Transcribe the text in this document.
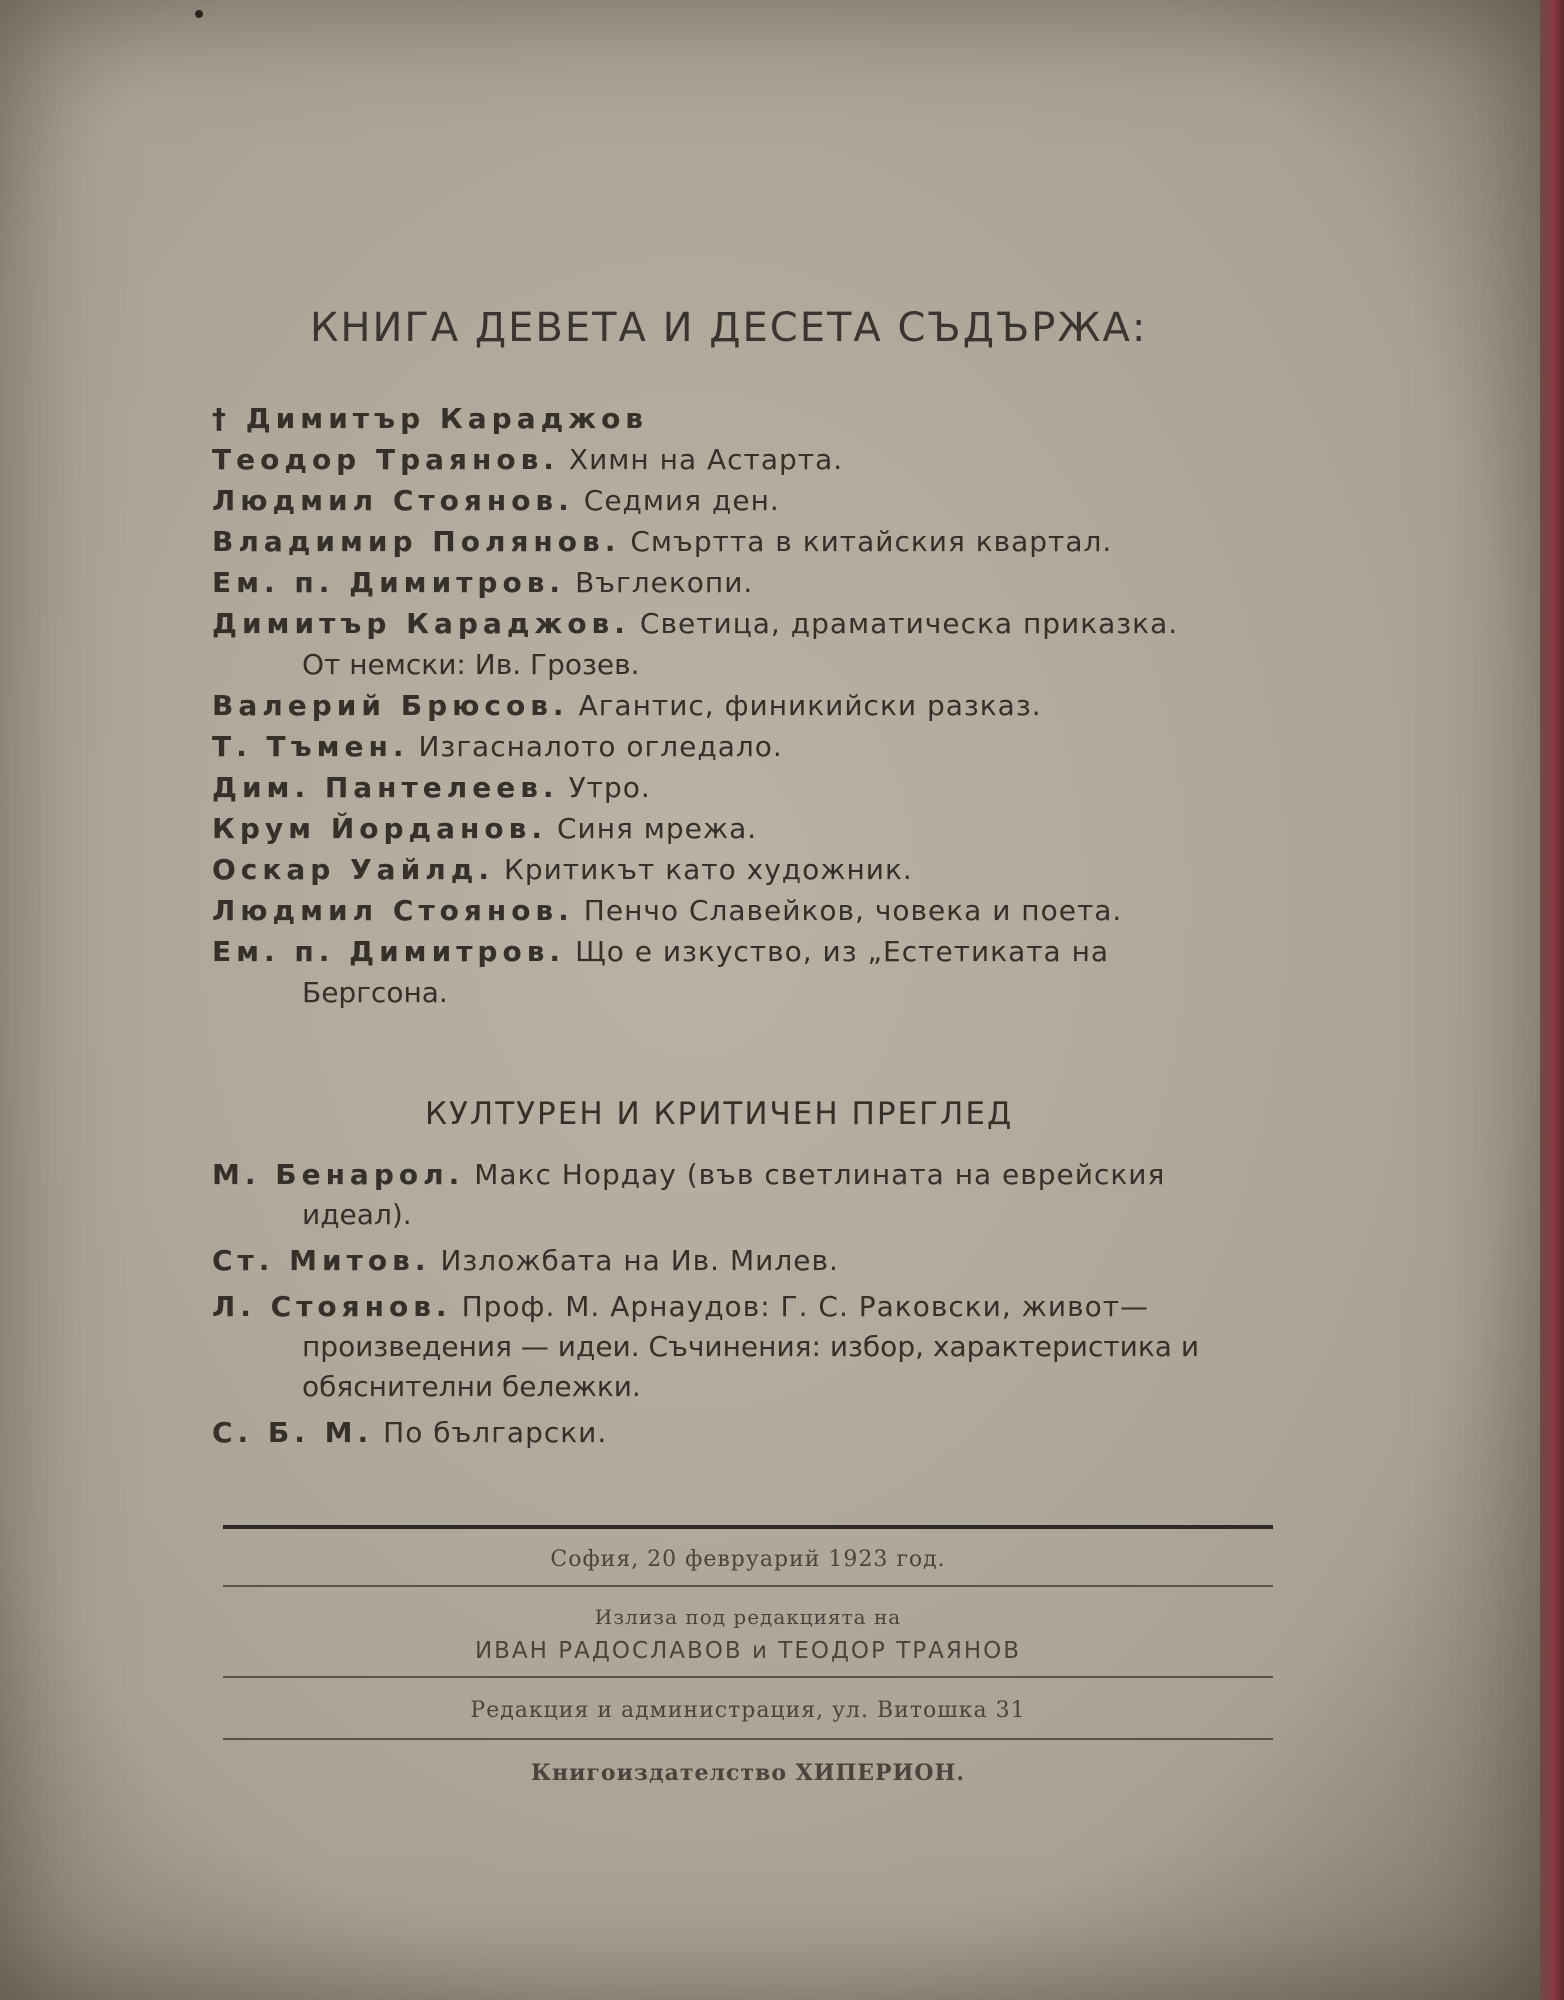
КНИГА ДЕВЕТА И ДЕСЕТА СЪДЪРЖА:
† Димитър Караджов
Теодор Траянов. Химн на Астарта.
Людмил Стоянов. Седмия ден.
Владимир Полянов. Смъртта в китайския квартал.
Ем. п. Димитров. Въглекопи.
Димитър Караджов. Светица, драматическа приказка.
От немски: Ив. Грозев.
Валерий Брюсов. Агантис, финикийски разказ.
Т. Тъмен. Изгасналото огледало.
Дим. Пантелеев. Утро.
Крум Йорданов. Синя мрежа.
Оскар Уайлд. Критикът като художник.
Людмил Стоянов. Пенчо Славейков, човека и поета.
Ем. п. Димитров. Що е изкуство, из „Естетиката на
Бергсона.
КУЛТУРЕН И КРИТИЧЕН ПРЕГЛЕД
М. Бенарол. Макс Нордау (във светлината на еврейския
идеал).
Ст. Митов. Изложбата на Ив. Милев.
Л. Стоянов. Проф. М. Арнаудов: Г. С. Раковски, живот—
произведения — идеи. Съчинения: избор, характеристика и обяснителни бележки.
С. Б. М. По български.
София, 20 февруарий 1923 год.
Излиза под редакцията на
ИВАН РАДОСЛАВОВ и ТЕОДОР ТРАЯНОВ
Редакция и администрация, ул. Витошка 31
Книгоиздателство ХИПЕРИОН.
